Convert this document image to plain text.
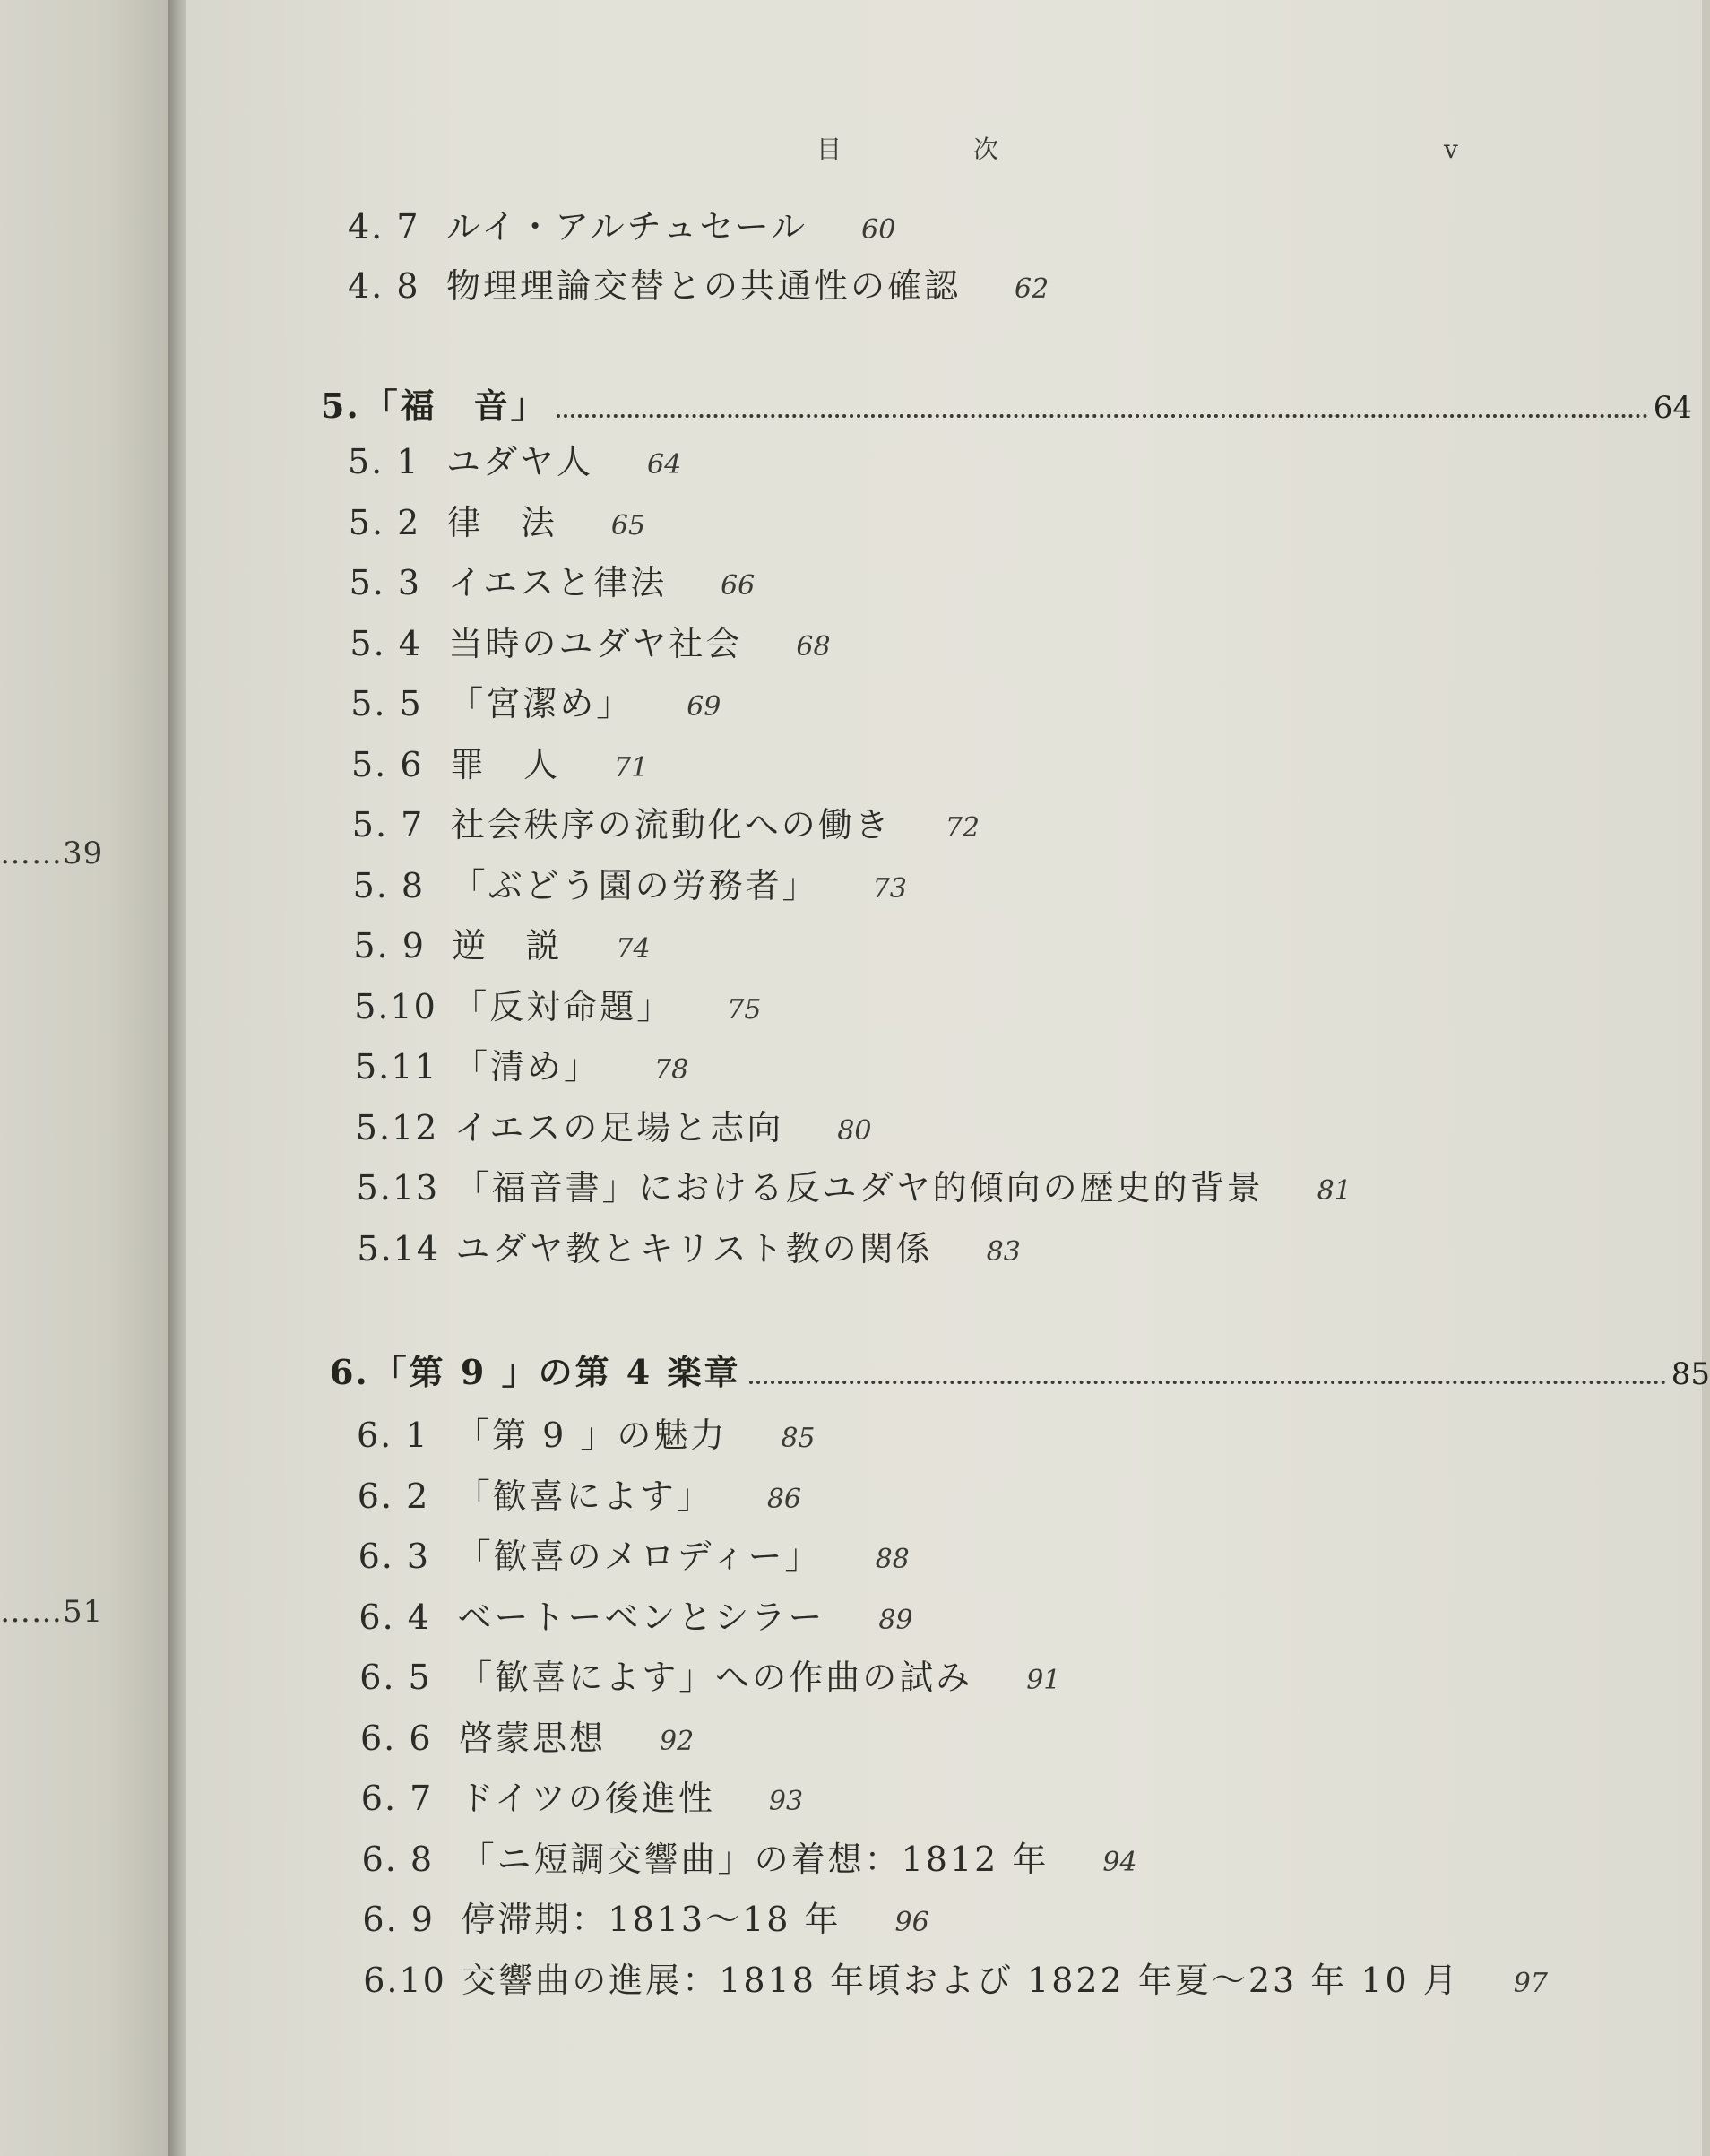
……39
……51
目	次	v
4. 7 ルイ・アルチュセール 60
4. 8 物理理論交替との共通性の確認 62
5. 「福　音」	64
5. 1 ユダヤ人 64
5. 2 律　法 65
5. 3 イエスと律法 66
5. 4 当時のユダヤ社会 68
5. 5 「宮潔め」 69
5. 6 罪　人 71
5. 7 社会秩序の流動化への働き 72
5. 8 「ぶどう園の労務者」 73
5. 9 逆　説 74
5.10 「反対命題」 75
5.11 「清め」 78
5.12 イエスの足場と志向 80
5.13 「福音書」における反ユダヤ的傾向の歴史的背景 81
5.14 ユダヤ教とキリスト教の関係 83
6. 「第 9 」の第 4 楽章	85
6. 1 「第 9 」の魅力 85
6. 2 「歓喜によす」 86
6. 3 「歓喜のメロディー」 88
6. 4 ベートーベンとシラー 89
6. 5 「歓喜によす」への作曲の試み 91
6. 6 啓蒙思想 92
6. 7 ドイツの後進性 93
6. 8 「ニ短調交響曲」の着想：1812 年 94
6. 9 停滞期：1813〜18 年 96
6.10 交響曲の進展：1818 年頃および 1822 年夏〜23 年 10 月 97
